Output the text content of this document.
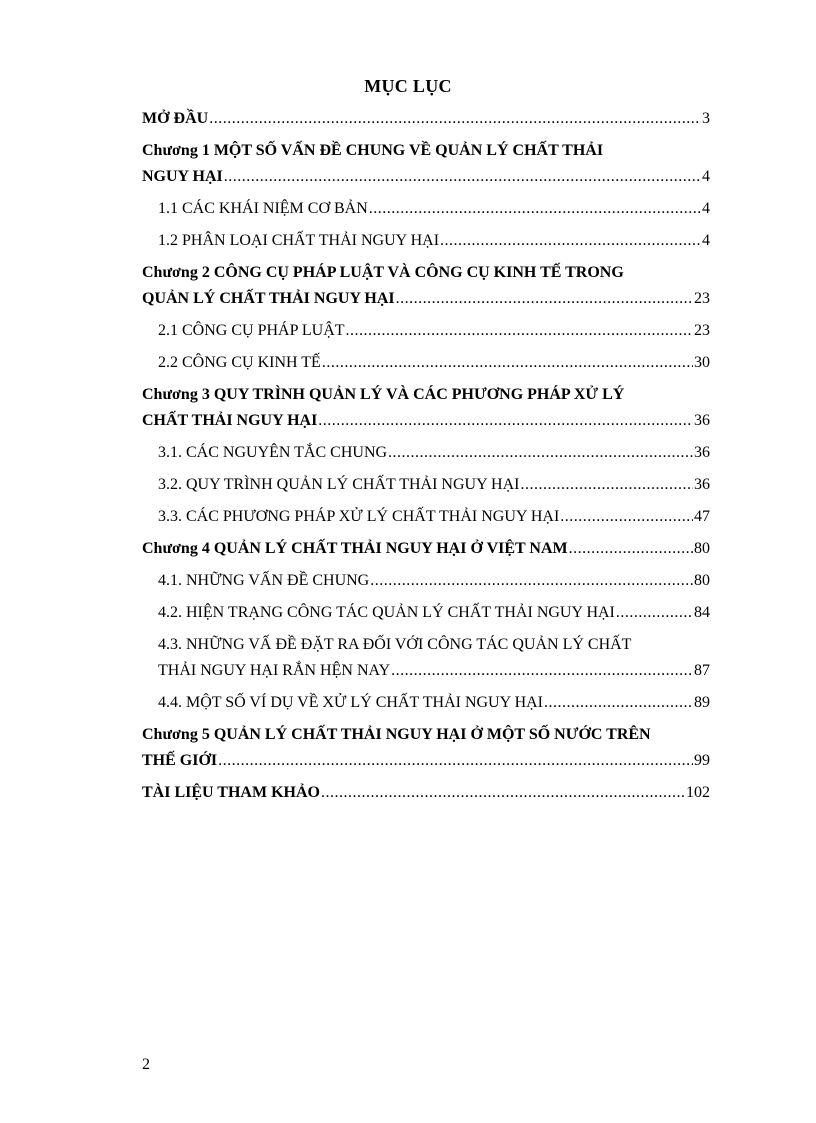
MỤC LỤC
MỞ ĐẦU .....	3
Chương 1 MỘT SỐ VẤN ĐỀ CHUNG VỀ QUẢN LÝ CHẤT THẢI
NGUY HẠI .....	4
1.1 CÁC KHÁI NIỆM CƠ BẢN .....	4
1.2 PHÂN LOẠI CHẤT THẢI NGUY HẠI .....	4
Chương 2 CÔNG CỤ PHÁP LUẬT VÀ CÔNG CỤ KINH TẾ TRONG
QUẢN LÝ CHẤT THẢI NGUY HẠI .....	23
2.1 CÔNG CỤ PHÁP LUẬT .....	23
2.2 CÔNG CỤ KINH TẾ .....	30
Chương 3 QUY TRÌNH QUẢN LÝ VÀ CÁC PHƯƠNG PHÁP XỬ LÝ
CHẤT THẢI NGUY HẠI .....	36
3.1. CÁC NGUYÊN TẮC CHUNG .....	36
3.2. QUY TRÌNH QUẢN LÝ CHẤT THẢI NGUY HẠI .....	36
3.3. CÁC PHƯƠNG PHÁP XỬ LÝ CHẤT THẢI NGUY HẠI .....	47
Chương 4 QUẢN LÝ CHẤT THẢI NGUY HẠI Ở VIỆT NAM .....	80
4.1. NHỮNG VẤN ĐỀ CHUNG .....	80
4.2. HIỆN TRẠNG CÔNG TÁC QUẢN LÝ CHẤT THẢI NGUY HẠI .....	84
4.3. NHỮNG VẤ ĐỀ ĐẶT RA ĐỐI VỚI CÔNG TÁC QUẢN LÝ CHẤT
THẢI NGUY HẠI RẮN HỆN NAY .....	87
4.4. MỘT SỐ VÍ DỤ VỀ XỬ LÝ CHẤT THẢI NGUY HẠI .....	89
Chương 5 QUẢN LÝ CHẤT THẢI NGUY HẠI Ở MỘT SỐ NƯỚC TRÊN
THẾ GIỚI .....	99
TÀI LIỆU THAM KHẢO .....	102
2
